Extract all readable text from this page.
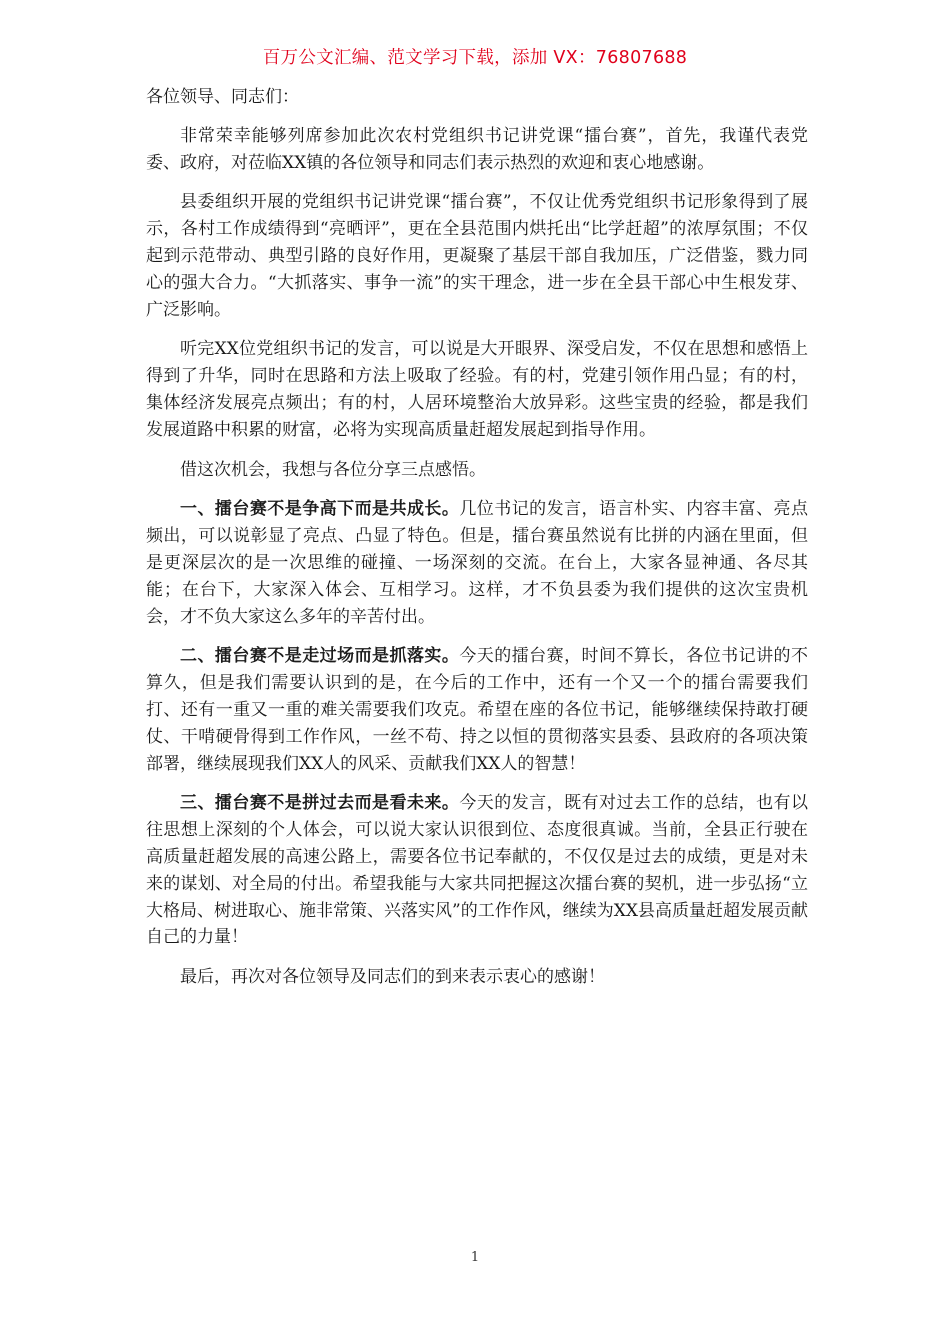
百万公文汇编、范文学习下载，添加 VX：76807688

各位领导、同志们：

非常荣幸能够列席参加此次农村党组织书记讲党课“擂台赛”，首先，我谨代表党委、政府，对莅临XX镇的各位领导和同志们表示热烈的欢迎和衷心地感谢。

县委组织开展的党组织书记讲党课“擂台赛”，不仅让优秀党组织书记形象得到了展示，各村工作成绩得到“亮晒评”，更在全县范围内烘托出“比学赶超”的浓厚氛围；不仅起到示范带动、典型引路的良好作用，更凝聚了基层干部自我加压，广泛借鉴，戮力同心的强大合力。“大抓落实、事争一流”的实干理念，进一步在全县干部心中生根发芽、广泛影响。

听完XX位党组织书记的发言，可以说是大开眼界、深受启发，不仅在思想和感悟上得到了升华，同时在思路和方法上吸取了经验。有的村，党建引领作用凸显；有的村，集体经济发展亮点频出；有的村，人居环境整治大放异彩。这些宝贵的经验，都是我们发展道路中积累的财富，必将为实现高质量赶超发展起到指导作用。

借这次机会，我想与各位分享三点感悟。

一、擂台赛不是争高下而是共成长。几位书记的发言，语言朴实、内容丰富、亮点频出，可以说彰显了亮点、凸显了特色。但是，擂台赛虽然说有比拼的内涵在里面，但是更深层次的是一次思维的碰撞、一场深刻的交流。在台上，大家各显神通、各尽其能；在台下，大家深入体会、互相学习。这样，才不负县委为我们提供的这次宝贵机会，才不负大家这么多年的辛苦付出。

二、擂台赛不是走过场而是抓落实。今天的擂台赛，时间不算长，各位书记讲的不算久，但是我们需要认识到的是，在今后的工作中，还有一个又一个的擂台需要我们打、还有一重又一重的难关需要我们攻克。希望在座的各位书记，能够继续保持敢打硬仗、干啃硬骨得到工作作风，一丝不苟、持之以恒的贯彻落实县委、县政府的各项决策部署，继续展现我们XX人的风采、贡献我们XX人的智慧！

三、擂台赛不是拼过去而是看未来。今天的发言，既有对过去工作的总结，也有以往思想上深刻的个人体会，可以说大家认识很到位、态度很真诚。当前，全县正行驶在高质量赶超发展的高速公路上，需要各位书记奉献的，不仅仅是过去的成绩，更是对未来的谋划、对全局的付出。希望我能与大家共同把握这次擂台赛的契机，进一步弘扬“立大格局、树进取心、施非常策、兴落实风”的工作作风，继续为XX县高质量赶超发展贡献自己的力量！

最后，再次对各位领导及同志们的到来表示衷心的感谢！

1
